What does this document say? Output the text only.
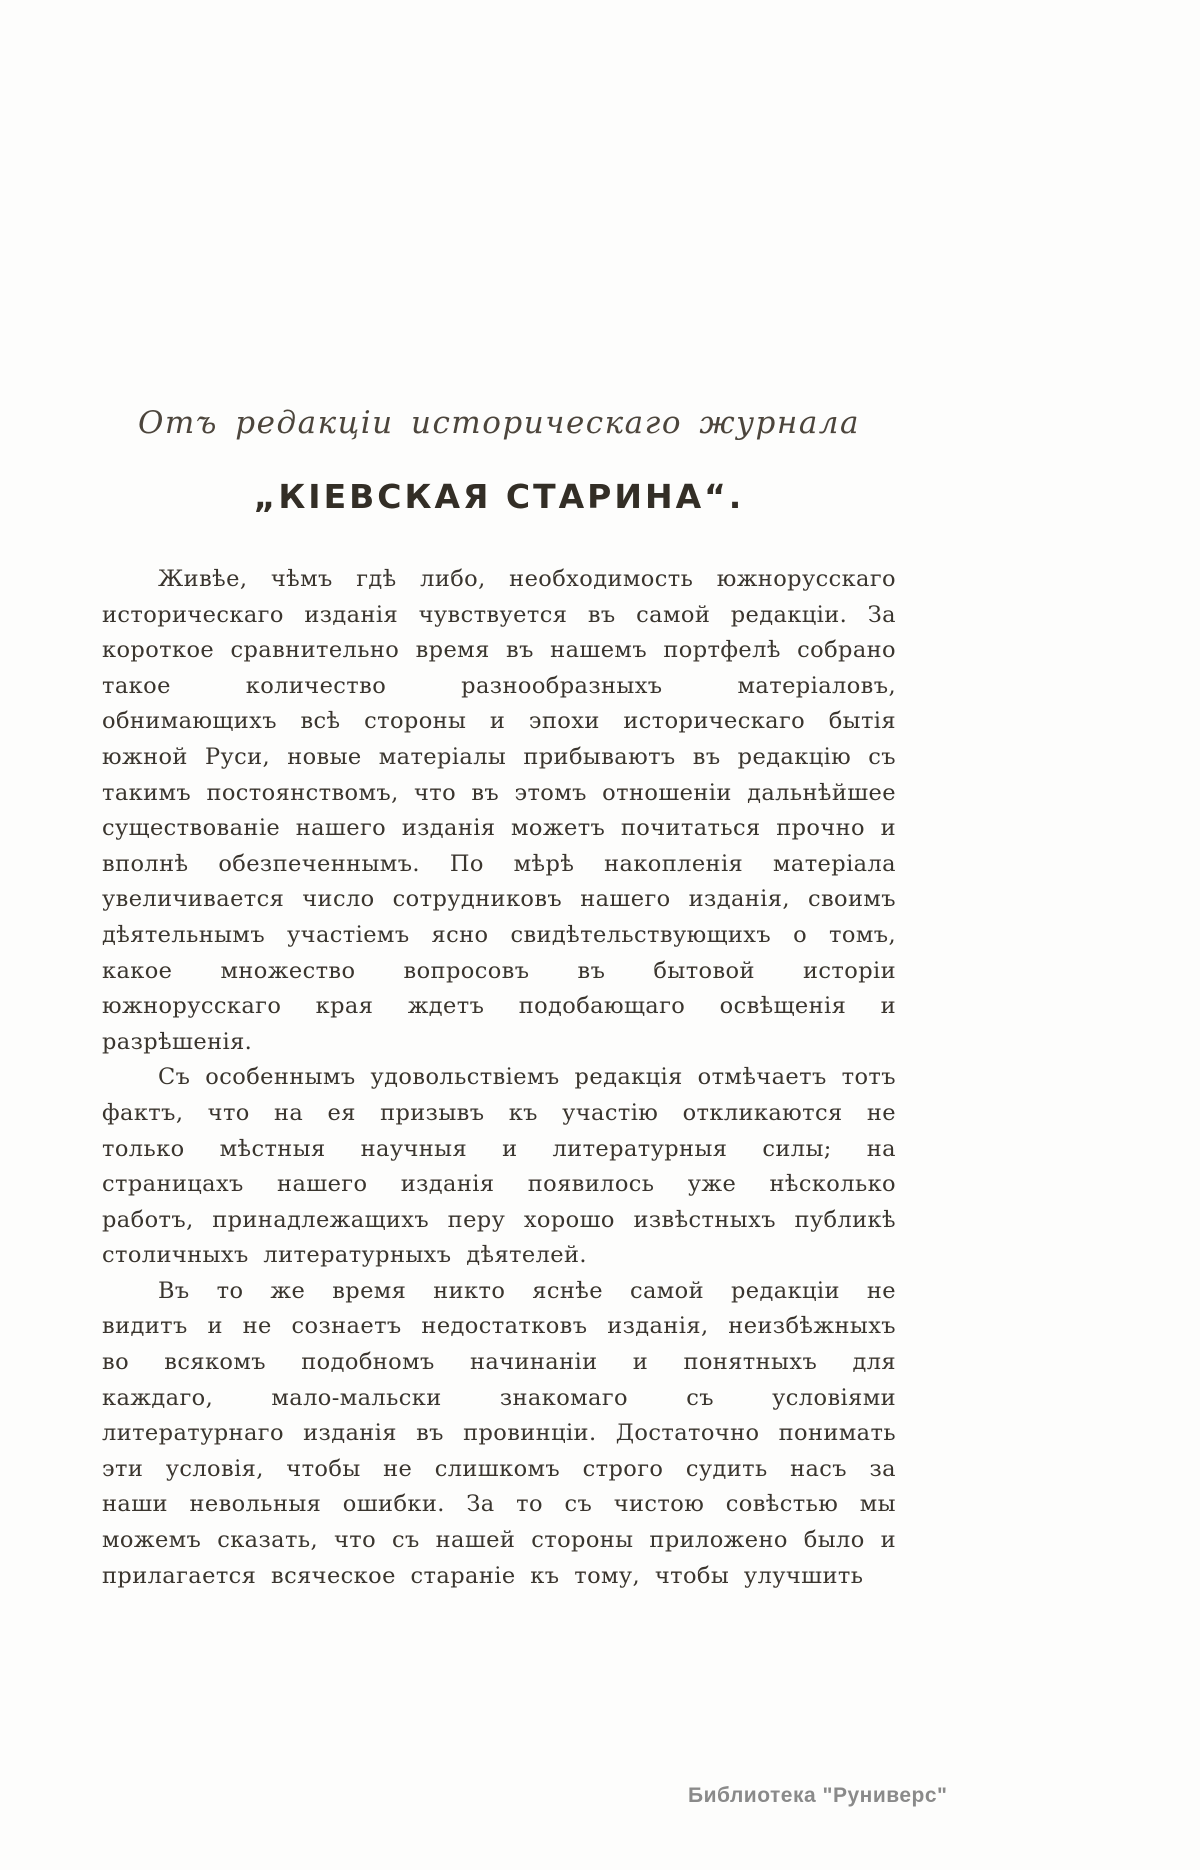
Отъ редакціи историческаго журнала
„КІЕВСКАЯ СТАРИНА“.

Живѣе, чѣмъ гдѣ либо, необходимость южнорусскаго историческаго изданія чувствуется въ самой редакціи. За короткое сравнительно время въ нашемъ портфелѣ собрано такое количество разнообразныхъ матеріаловъ, обнимающихъ всѣ стороны и эпохи историческаго бытія южной Руси, новые матеріалы прибываютъ въ редакцію съ такимъ постоянствомъ, что въ этомъ отношеніи дальнѣйшее существованіе нашего изданія можетъ почитаться прочно и вполнѣ обезпеченнымъ. По мѣрѣ накопленія матеріала увеличивается число сотрудниковъ нашего изданія, своимъ дѣятельнымъ участіемъ ясно свидѣтельствующихъ о томъ, какое множество вопросовъ въ бытовой исторіи южнорусскаго края ждетъ подобающаго освѣщенія и разрѣшенія.

Съ особеннымъ удовольствіемъ редакція отмѣчаетъ тотъ фактъ, что на ея призывъ къ участію откликаются не только мѣстныя научныя и литературныя силы; на страницахъ нашего изданія появилось уже нѣсколько работъ, принадлежащихъ перу хорошо извѣстныхъ публикѣ столичныхъ литературныхъ дѣятелей.

Въ то же время никто яснѣе самой редакціи не видитъ и не сознаетъ недостатковъ изданія, неизбѣжныхъ во всякомъ подобномъ начинаніи и понятныхъ для каждаго, мало-мальски знакомаго съ условіями литературнаго изданія въ провинціи. Достаточно понимать эти условія, чтобы не слишкомъ строго судить насъ за наши невольныя ошибки. За то съ чистою совѣстью мы можемъ сказать, что съ нашей стороны приложено было и прилагается всяческое стараніе къ тому, чтобы улучшить

Библиотека "Руниверс"
